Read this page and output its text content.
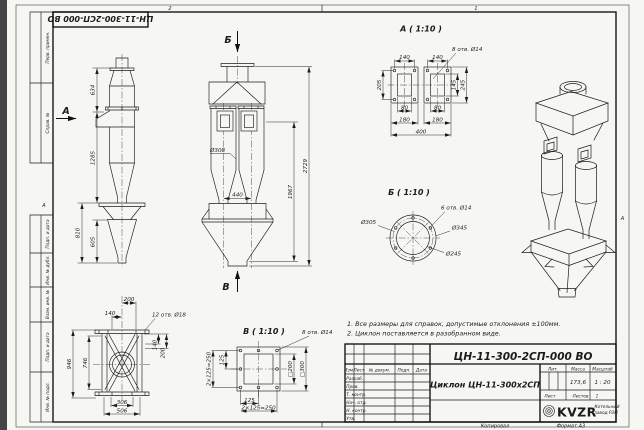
2	1
А
А
Копировал	Формат А3
ЦН-11-300-2СП-000 ВО
Перв. примен.
Справ. №
Подп. и дата
Инв. № дубл.
Взам. инв. №
Подп. и дата
Инв. № подл.
А
634
1285
810
605
Б
В
Ø308
440	1967
2729
А ( 1:10 )
8 отв. Ø14
140	140
205	145 245
80	80
180	180
400
Б ( 1:10 )
Ø305
6 отв. Ø14
Ø345
Ø245
200
140	12 отв. Ø18
946 746
140
200
306
506
В ( 1:10 )	8 отв. Ø14
125
2×125=250	□200 □300
125
2×125=250
1. Все размеры для справок, допустимые отклонения ±100мм.
2. Циклон поставляется в разобранном виде.
Изм. Лист № докум. Подп. Дата
Разраб.
Пров.
Т. контр.
Нач. отд.
Н. контр.
Утв.
ЦН-11-300-2СП-000 ВО
Циклон ЦН-11-300х2СП
Лит.	Масса Масштаб
173,6 1 : 20
Лист	Листов 1
KVZR
Котельный
завод РЭП
